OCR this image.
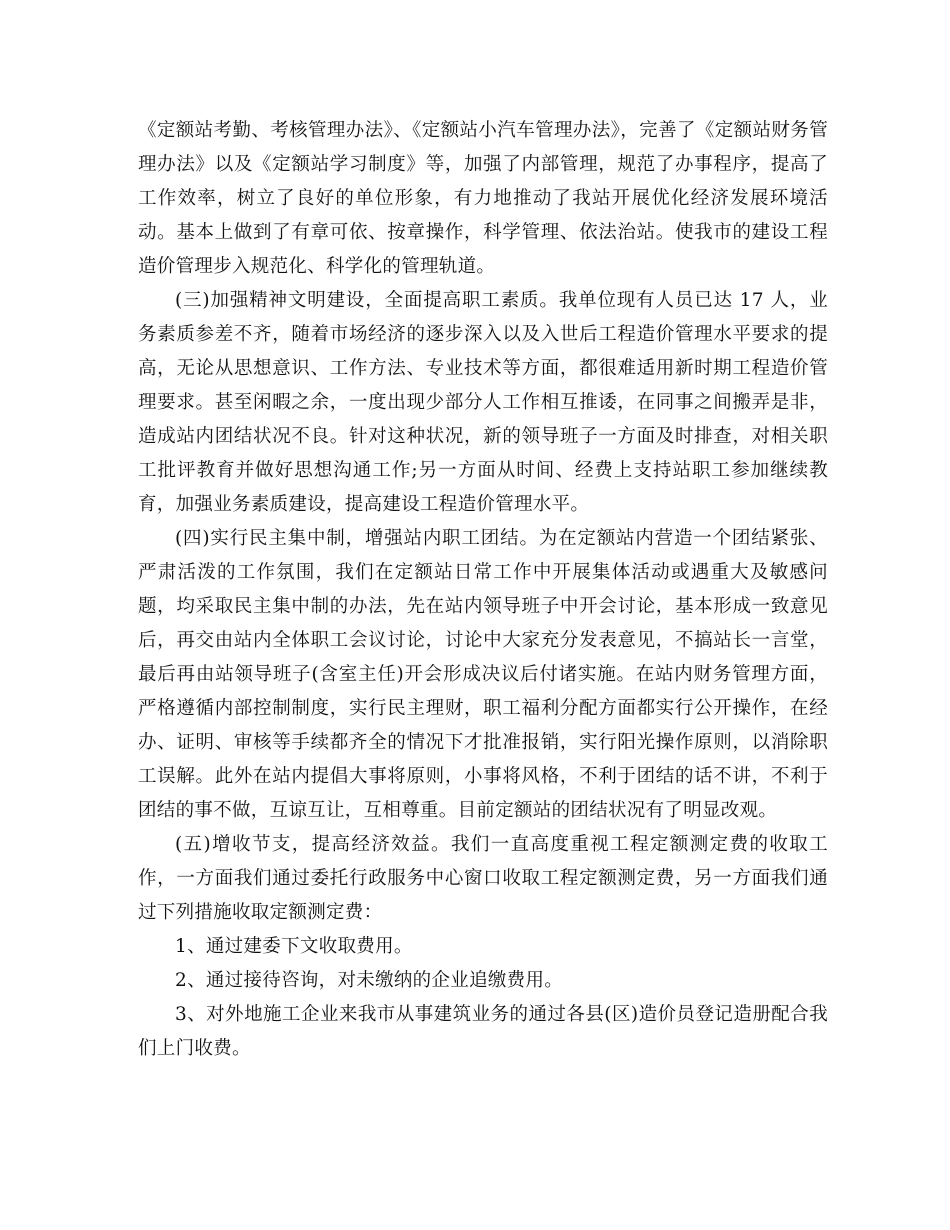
《定额站考勤、考核管理办法》、《定额站小汽车管理办法》，完善了《定额站财务管理办法》以及《定额站学习制度》等，加强了内部管理，规范了办事程序，提高了工作效率，树立了良好的单位形象，有力地推动了我站开展优化经济发展环境活动。基本上做到了有章可依、按章操作，科学管理、依法治站。使我市的建设工程造价管理步入规范化、科学化的管理轨道。

(三)加强精神文明建设，全面提高职工素质。我单位现有人员已达 17 人，业务素质参差不齐，随着市场经济的逐步深入以及入世后工程造价管理水平要求的提高，无论从思想意识、工作方法、专业技术等方面，都很难适用新时期工程造价管理要求。甚至闲暇之余，一度出现少部分人工作相互推诿，在同事之间搬弄是非，造成站内团结状况不良。针对这种状况，新的领导班子一方面及时排查，对相关职工批评教育并做好思想沟通工作;另一方面从时间、经费上支持站职工参加继续教育，加强业务素质建设，提高建设工程造价管理水平。

(四)实行民主集中制，增强站内职工团结。为在定额站内营造一个团结紧张、严肃活泼的工作氛围，我们在定额站日常工作中开展集体活动或遇重大及敏感问题，均采取民主集中制的办法，先在站内领导班子中开会讨论，基本形成一致意见后，再交由站内全体职工会议讨论，讨论中大家充分发表意见，不搞站长一言堂，最后再由站领导班子(含室主任)开会形成决议后付诸实施。在站内财务管理方面，严格遵循内部控制制度，实行民主理财，职工福利分配方面都实行公开操作，在经办、证明、审核等手续都齐全的情况下才批准报销，实行阳光操作原则，以消除职工误解。此外在站内提倡大事将原则，小事将风格，不利于团结的话不讲，不利于团结的事不做，互谅互让，互相尊重。目前定额站的团结状况有了明显改观。

(五)增收节支，提高经济效益。我们一直高度重视工程定额测定费的收取工作，一方面我们通过委托行政服务中心窗口收取工程定额测定费，另一方面我们通过下列措施收取定额测定费：

1、通过建委下文收取费用。

2、通过接待咨询，对未缴纳的企业追缴费用。

3、对外地施工企业来我市从事建筑业务的通过各县(区)造价员登记造册配合我们上门收费。
